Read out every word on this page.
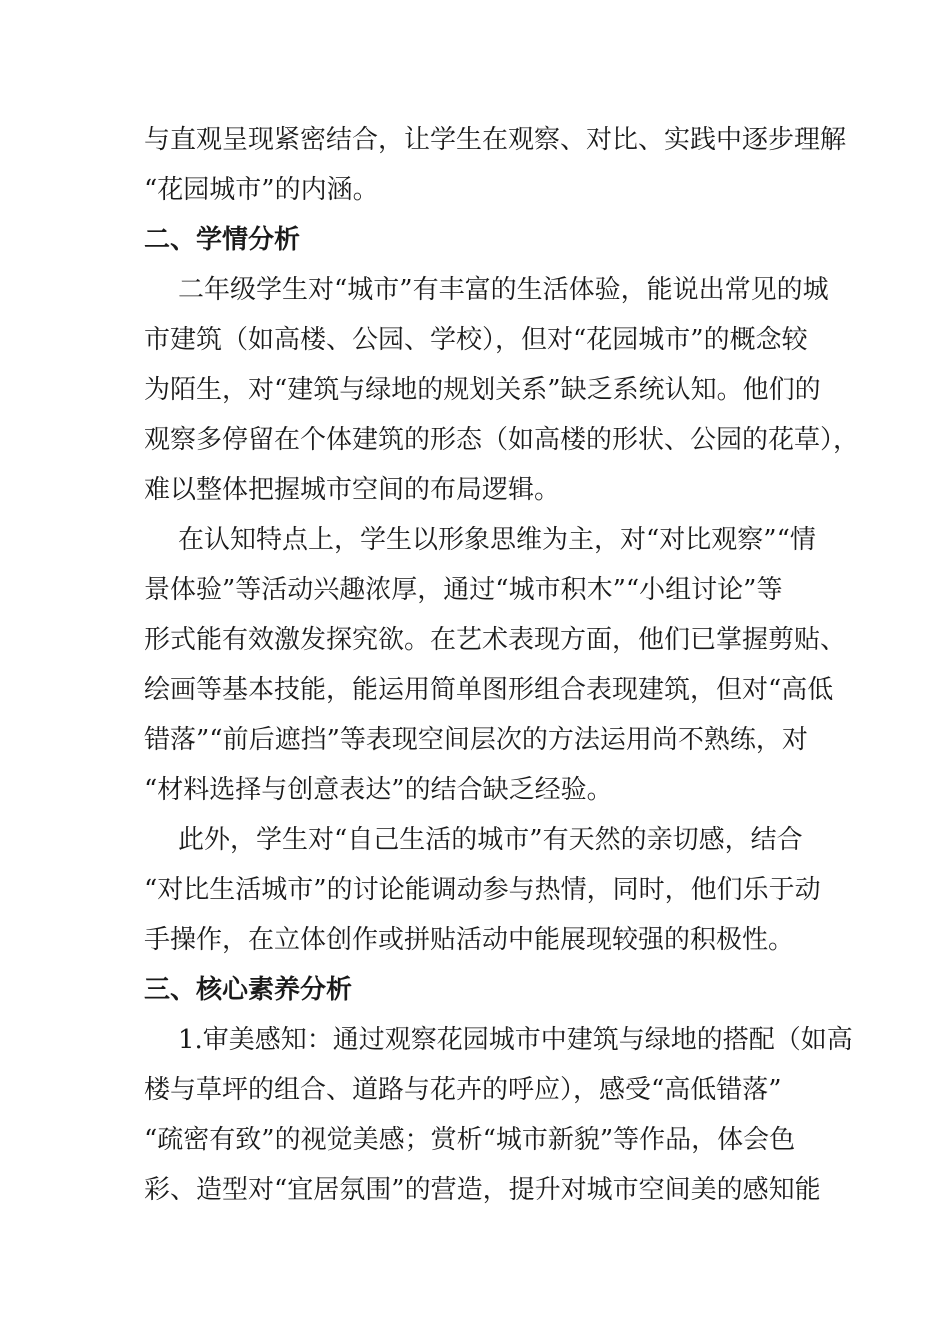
与直观呈现紧密结合，让学生在观察、对比、实践中逐步理解
“花园城市”的内涵。
二、学情分析
二年级学生对“城市”有丰富的生活体验，能说出常见的城
市建筑（如高楼、公园、学校），但对“花园城市”的概念较
为陌生，对“建筑与绿地的规划关系”缺乏系统认知。他们的
观察多停留在个体建筑的形态（如高楼的形状、公园的花草），
难以整体把握城市空间的布局逻辑。
在认知特点上，学生以形象思维为主，对“对比观察”“情
景体验”等活动兴趣浓厚，通过“城市积木”“小组讨论”等
形式能有效激发探究欲。在艺术表现方面，他们已掌握剪贴、
绘画等基本技能，能运用简单图形组合表现建筑，但对“高低
错落”“前后遮挡”等表现空间层次的方法运用尚不熟练，对
“材料选择与创意表达”的结合缺乏经验。
此外，学生对“自己生活的城市”有天然的亲切感，结合
“对比生活城市”的讨论能调动参与热情，同时，他们乐于动
手操作，在立体创作或拼贴活动中能展现较强的积极性。
三、核心素养分析
1.审美感知：通过观察花园城市中建筑与绿地的搭配（如高
楼与草坪的组合、道路与花卉的呼应），感受“高低错落”
“疏密有致”的视觉美感；赏析“城市新貌”等作品，体会色
彩、造型对“宜居氛围”的营造，提升对城市空间美的感知能
